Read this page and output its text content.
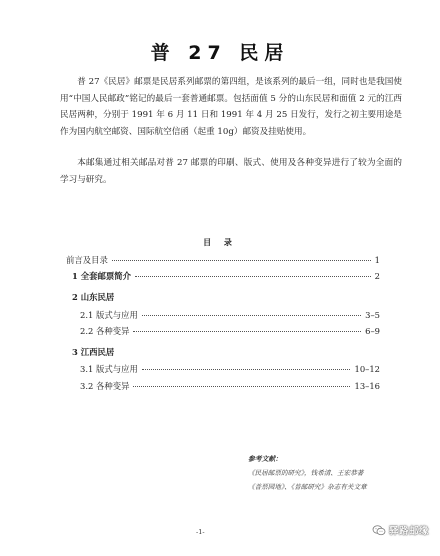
普 27 民居

普 27《民居》邮票是民居系列邮票的第四组，是该系列的最后一组，同时也是我国使用“中国人民邮政”铭记的最后一套普通邮票。包括面值 5 分的山东民居和面值 2 元的江西民居两种，分别于 1991 年 6 月 11 日和 1991 年 4 月 25 日发行，发行之初主要用途是作为国内航空邮资、国际航空信函（起重 10g）邮资及挂贴使用。

本邮集通过相关邮品对普 27 邮票的印刷、版式、使用及各种变异进行了较为全面的学习与研究。

目 录
前言及目录	1
1 全套邮票简介	2
2 山东民居
2.1 版式与应用	3–5
2.2 各种变异	6–9
3 江西民居
3.1 版式与应用	10–12
3.2 各种变异	13–16
参考文献：
《民居邮票的研究》，钱希清、王宏恭著
《普票园地》、《普邮研究》杂志有关文章
-1-	驿路邮缘
